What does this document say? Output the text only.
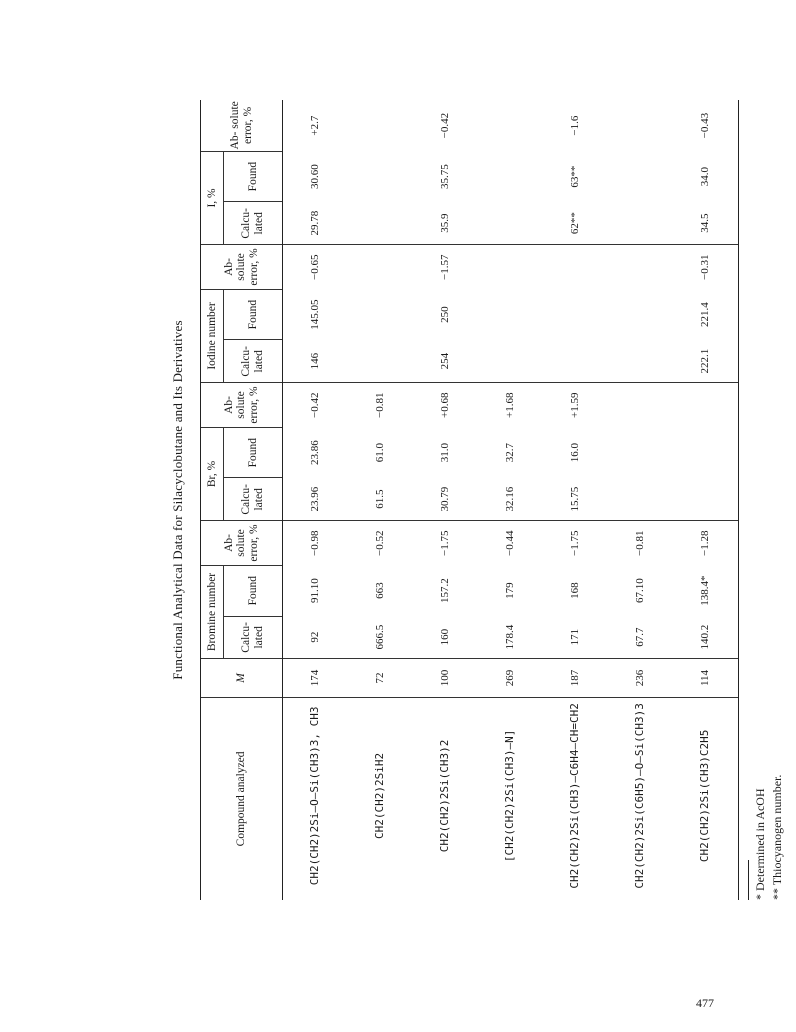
Functional Analytical Data for Silacyclobutane and Its Derivatives
Compound analyzed	M	Bromine number		Ab- solute error, %	Br, %		Ab- solute error, %	Iodine number		Ab- solute error, %	I, %		Ab- solute error, %
		Calcu- lated	Found		Calcu- lated	Found		Calcu- lated	Found		Calcu- lated	Found	
CH2(CH2)2Si–O–Si(CH3)3, CH3	174	92	91.10	−0.98	23.96	23.86	−0.42	146	145.05	−0.65	29.78	30.60	+2.7
CH2(CH2)2SiH2	72	666.5	663	−0.52	61.5	61.0	−0.81						
CH2(CH2)2Si(CH3)2	100	160	157.2	−1.75	30.79	31.0	+0.68	254	250	−1.57	35.9	35.75	−0.42
[CH2(CH2)2Si(CH3)–N]	269	178.4	179	−0.44	32.16	32.7	+1.68						
CH2(CH2)2Si(CH3)–C6H4–CH=CH2	187	171	168	−1.75	15.75	16.0	+1.59				62**	63**	−1.6
CH2(CH2)2Si(C6H5)–O–Si(CH3)3	236	67.7	67.10	−0.81									
CH2(CH2)2Si(CH3)C2H5	114	140.2	138.4*	−1.28				222.1	221.4	−0.31	34.5	34.0	−0.43
* Determined in AcOH ** Thiocyanogen number.
477
